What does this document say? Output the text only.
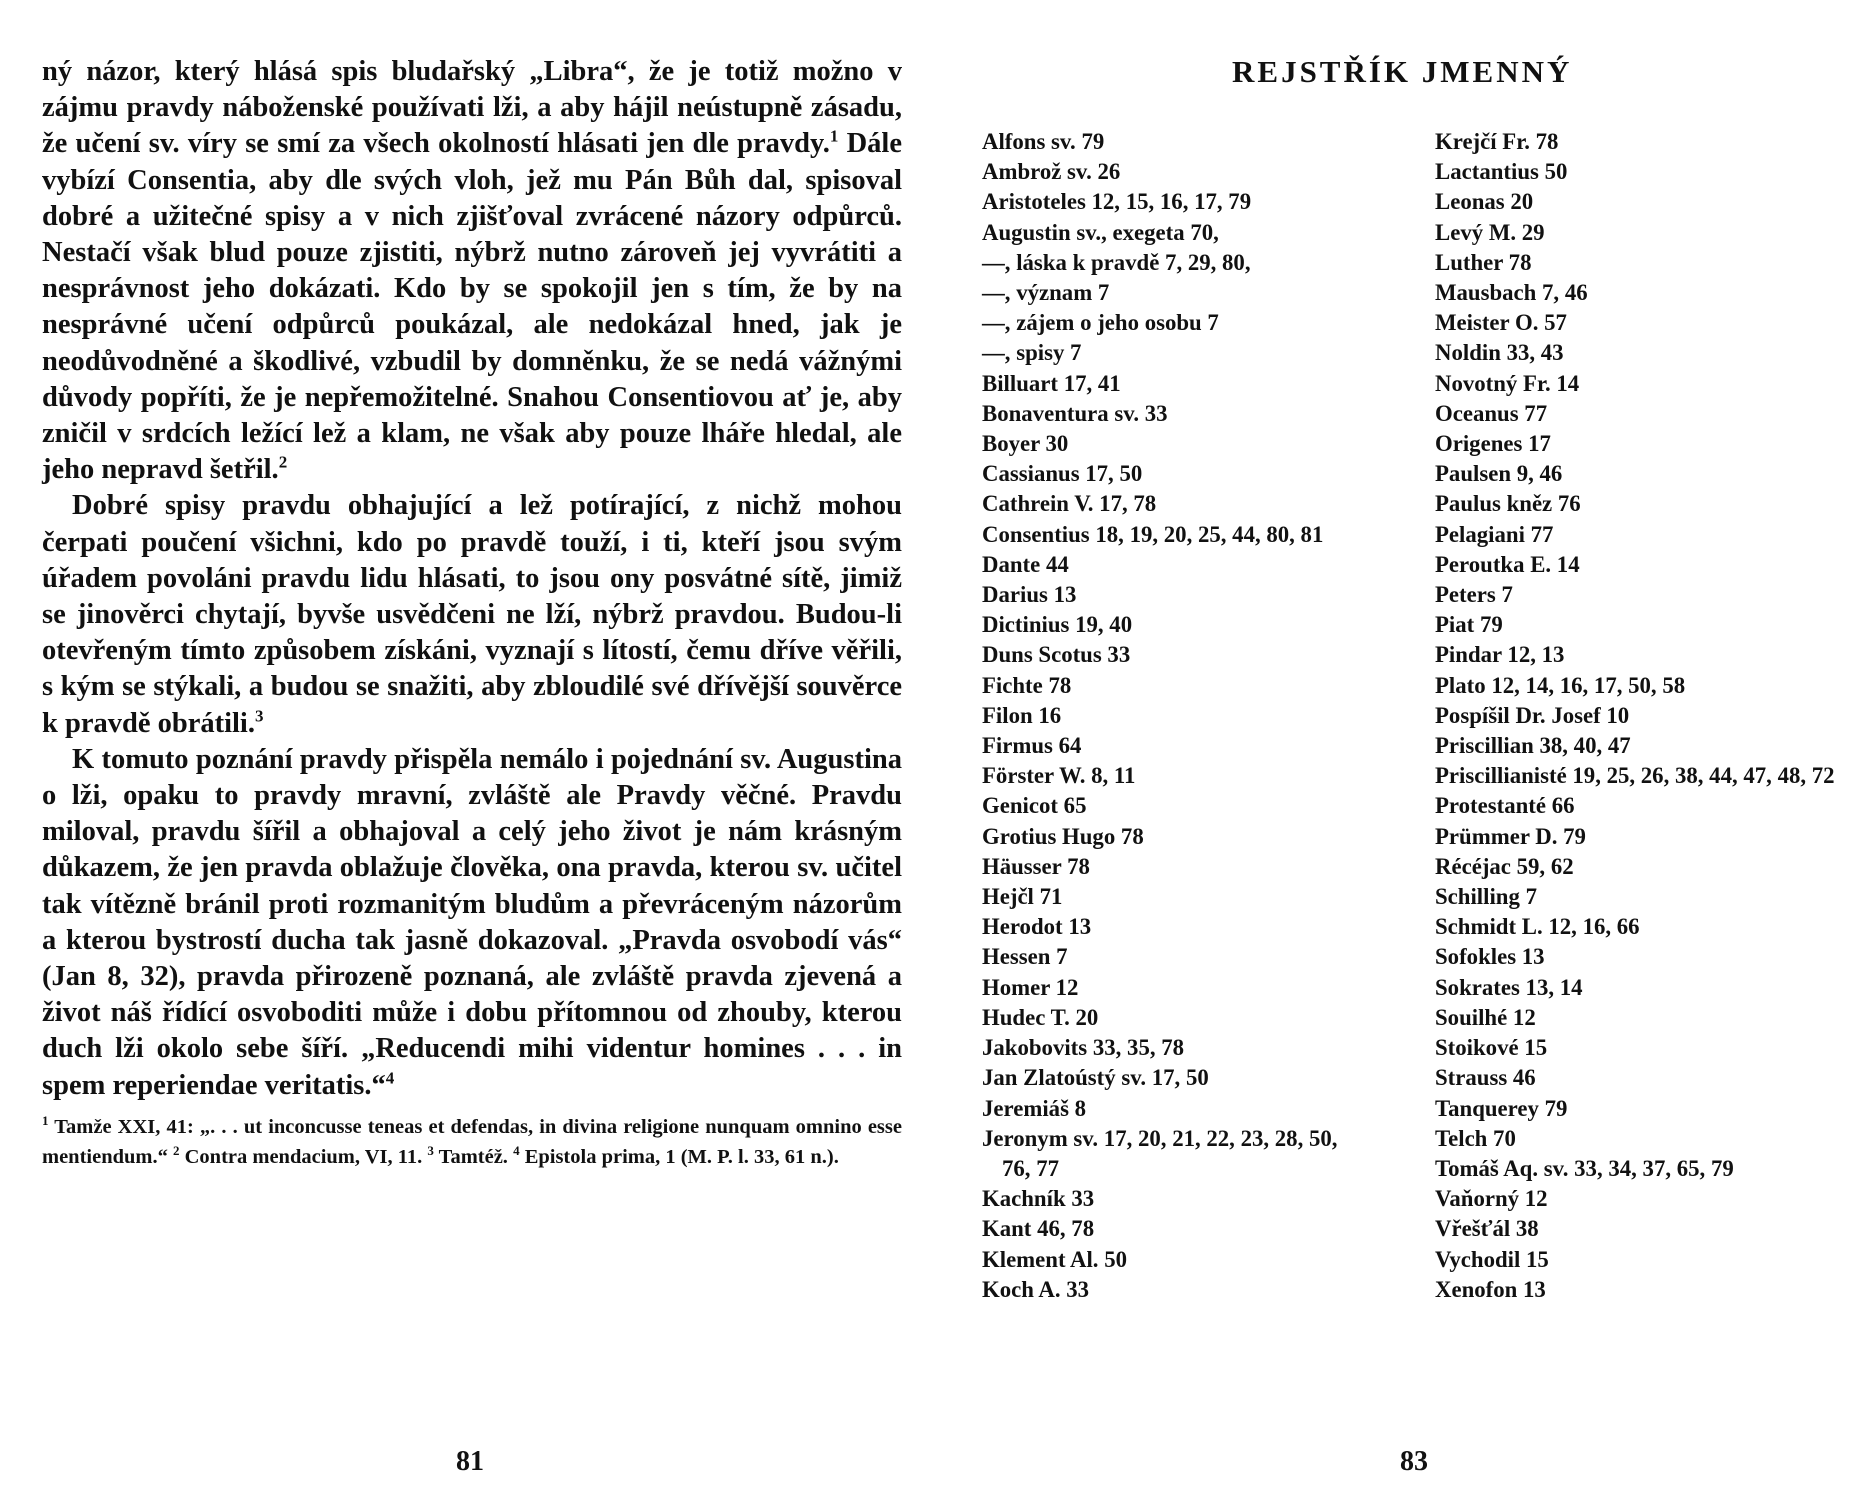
ný názor, který hlásá spis bludařský „Libra“, že je totiž možno v zájmu pravdy náboženské používati lži, a aby hájil neústupně zásadu, že učení sv. víry se smí za všech okolností hlásati jen dle pravdy.$^1$ Dále vybízí Consentia, aby dle svých vloh, jež mu Pán Bůh dal, spisoval dobré a užitečné spisy a v nich zjišťoval zvrácené názory odpůrců. Nestačí však blud pouze zjistiti, nýbrž nutno zároveň jej vyvrátiti a nesprávnost jeho dokázati. Kdo by se spokojil jen s tím, že by na nesprávné učení odpůrců poukázal, ale nedokázal hned, jak je neodůvodněné a škodlivé, vzbudil by domněnku, že se nedá vážnými důvody popříti, že je nepřemožitelné. Snahou Consentiovou ať je, aby zničil v srdcích ležící lež a klam, ne však aby pouze lháře hledal, ale jeho nepravd šetřil.$^2$

Dobré spisy pravdu obhajující a lež potírající, z nichž mohou čerpati poučení všichni, kdo po pravdě touží, i ti, kteří jsou svým úřadem povoláni pravdu lidu hlásati, to jsou ony posvátné sítě, jimiž se jinověrci chytají, byvše usvědčeni ne lží, nýbrž pravdou. Budou-li otevřeným tímto způsobem získáni, vyznají s lítostí, čemu dříve věřili, s kým se stýkali, a budou se snažiti, aby zbloudilé své dřívější souvěrce k pravdě obrátili.$^3$

K tomuto poznání pravdy přispěla nemálo i pojednání sv. Augustina o lži, opaku to pravdy mravní, zvláště ale Pravdy věčné. Pravdu miloval, pravdu šířil a obhajoval a celý jeho život je nám krásným důkazem, že jen pravda oblažuje člověka, ona pravda, kterou sv. učitel tak vítězně bránil proti rozmanitým bludům a převráceným názorům a kterou bystrostí ducha tak jasně dokazoval. „Pravda osvobodí vás“ (Jan 8, 32), pravda přirozeně poznaná, ale zvláště pravda zjevená a život náš řídící osvoboditi může i dobu přítomnou od zhouby, kterou duch lži okolo sebe šíří. „Reducendi mihi videntur homines . . . in spem reperiendae veritatis.“$^4$

$^1$ Tamže XXI, 41: „. . . ut inconcusse teneas et defendas, in divina religione nunquam omnino esse mentiendum.“ $^2$ Contra mendacium, VI, 11. $^3$ Tamtéž. $^4$ Epistola prima, 1 (M. P. l. 33, 61 n.).
81
REJSTŘÍK JMENNÝ
Alfons sv. 79
Ambrož sv. 26
Aristoteles 12, 15, 16, 17, 79
Augustin sv., exegeta 70,
—, láska k pravdě 7, 29, 80,
—, význam 7
—, zájem o jeho osobu 7
—, spisy 7
Billuart 17, 41
Bonaventura sv. 33
Boyer 30
Cassianus 17, 50
Cathrein V. 17, 78
Consentius 18, 19, 20, 25, 44, 80, 81
Dante 44
Darius 13
Dictinius 19, 40
Duns Scotus 33
Fichte 78
Filon 16
Firmus 64
Förster W. 8, 11
Genicot 65
Grotius Hugo 78
Häusser 78
Hejčl 71
Herodot 13
Hessen 7
Homer 12
Hudec T. 20
Jakobovits 33, 35, 78
Jan Zlatoústý sv. 17, 50
Jeremiáš 8
Jeronym sv. 17, 20, 21, 22, 23, 28, 50,
76, 77
Kachník 33
Kant 46, 78
Klement Al. 50
Koch A. 33
Krejčí Fr. 78
Lactantius 50
Leonas 20
Levý M. 29
Luther 78
Mausbach 7, 46
Meister O. 57
Noldin 33, 43
Novotný Fr. 14
Oceanus 77
Origenes 17
Paulsen 9, 46
Paulus kněz 76
Pelagiani 77
Peroutka E. 14
Peters 7
Piat 79
Pindar 12, 13
Plato 12, 14, 16, 17, 50, 58
Pospíšil Dr. Josef 10
Priscillian 38, 40, 47
Priscillianisté 19, 25, 26, 38, 44, 47, 48, 72
Protestanté 66
Prümmer D. 79
Récéjac 59, 62
Schilling 7
Schmidt L. 12, 16, 66
Sofokles 13
Sokrates 13, 14
Souilhé 12
Stoikové 15
Strauss 46
Tanquerey 79
Telch 70
Tomáš Aq. sv. 33, 34, 37, 65, 79
Vaňorný 12
Vřešťál 38
Vychodil 15
Xenofon 13
83
